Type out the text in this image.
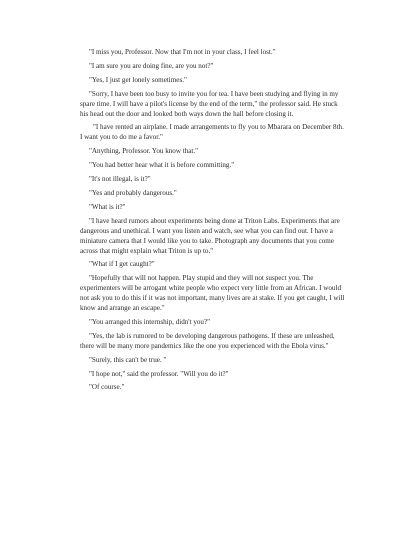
"I miss you, Professor. Now that I'm not in your class, I feel lost."

"I am sure you are doing fine, are you not?"

"Yes, I just get lonely sometimes."

"Sorry, I have been too busy to invite you for tea. I have been studying and flying in my spare time. I will have a pilot's license by the end of the term," the professor said. He stuck his head out the door and looked both ways down the hall before closing it.

"I have rented an airplane. I made arrangements to fly you to Mbarara on December 8th. I want you to do me a favor."

"Anything, Professor. You know that."

"You had better hear what it is before committing."

"It's not illegal, is it?"

"Yes and probably dangerous."

"What is it?"

"I have heard rumors about experiments being done at Triton Labs. Experiments that are dangerous and unethical. I want you listen and watch, see what you can find out. I have a miniature camera that I would like you to take. Photograph any documents that you come across that might explain what Triton is up to."

"What if I get caught?"

"Hopefully that will not happen. Play stupid and they will not suspect you. The experimenters will be arrogant white people who expect very little from an African. I would not ask you to do this if it was not important, many lives are at stake. If you get caught, I will know and arrange an escape."

"You arranged this internship, didn't you?"

"Yes, the lab is rumored to be developing dangerous pathogens. If these are unleashed, there will be many more pandemics like the one you experienced with the Ebola virus."

"Surely, this can't be true. "

"I hope not," said the professor. "Will you do it?"

"Of course."
